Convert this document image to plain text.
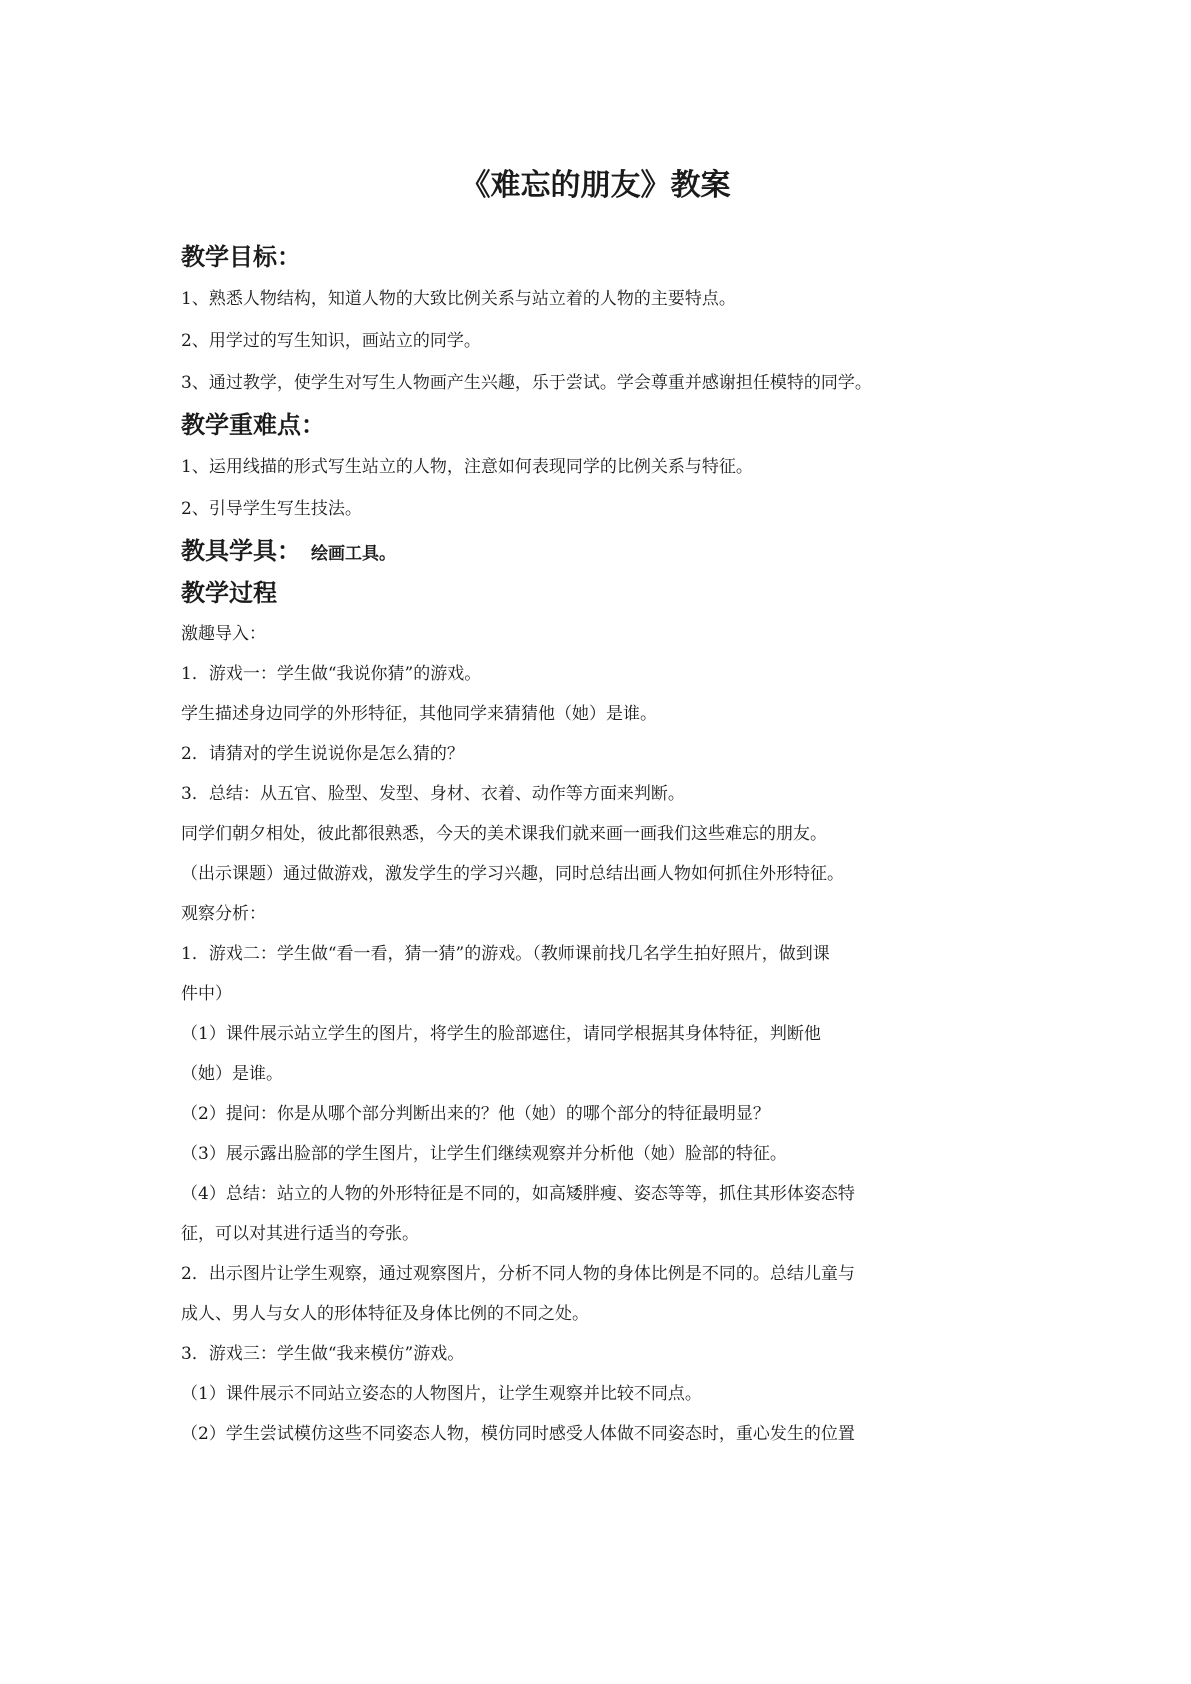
《难忘的朋友》教案
教学目标：
1、熟悉人物结构，知道人物的大致比例关系与站立着的人物的主要特点。
2、用学过的写生知识，画站立的同学。
3、通过教学，使学生对写生人物画产生兴趣，乐于尝试。学会尊重并感谢担任模特的同学。
教学重难点：
1、运用线描的形式写生站立的人物，注意如何表现同学的比例关系与特征。
2、引导学生写生技法。
教具学具： 绘画工具。
教学过程
激趣导入：
1．游戏一：学生做“我说你猜”的游戏。
学生描述身边同学的外形特征，其他同学来猜猜他（她）是谁。
2．请猜对的学生说说你是怎么猜的？
3．总结：从五官、脸型、发型、身材、衣着、动作等方面来判断。
同学们朝夕相处，彼此都很熟悉，今天的美术课我们就来画一画我们这些难忘的朋友。
（出示课题）通过做游戏，激发学生的学习兴趣，同时总结出画人物如何抓住外形特征。
观察分析：
1．游戏二：学生做“看一看，猜一猜”的游戏。（教师课前找几名学生拍好照片，做到课
件中）
（1）课件展示站立学生的图片，将学生的脸部遮住，请同学根据其身体特征，判断他
（她）是谁。
（2）提问：你是从哪个部分判断出来的？他（她）的哪个部分的特征最明显？
（3）展示露出脸部的学生图片，让学生们继续观察并分析他（她）脸部的特征。
（4）总结：站立的人物的外形特征是不同的，如高矮胖瘦、姿态等等，抓住其形体姿态特
征，可以对其进行适当的夸张。
2．出示图片让学生观察，通过观察图片，分析不同人物的身体比例是不同的。总结儿童与
成人、男人与女人的形体特征及身体比例的不同之处。
3．游戏三：学生做“我来模仿”游戏。
（1）课件展示不同站立姿态的人物图片，让学生观察并比较不同点。
（2）学生尝试模仿这些不同姿态人物，模仿同时感受人体做不同姿态时，重心发生的位置
